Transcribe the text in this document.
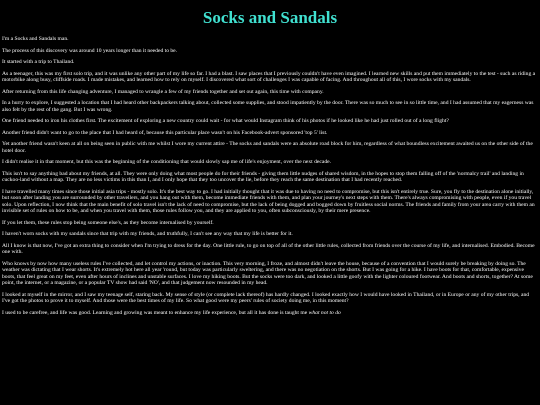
Socks and Sandals

I'm a Socks and Sandals man.

The process of this discovery was around 10 years longer than it needed to be.

It started with a trip to Thailand.

As a teenager, this was my first solo trip, and it was unlike any other part of my life so far. I had a blast. I saw places that I previously couldn't have even imagined. I learned new skills and put them immediately to the test - such as riding a motorbike along busy, cliffside roads. I made mistakes, and learned how to rely on myself. I discovered what sort of challenges I was capable of facing. And throughout all of this, I wore socks with my sandals.

After returning from this life changing adventure, I managed to wrangle a few of my friends together and set out again, this time with company.

In a hurry to explore, I suggested a location that I had heard other backpackers talking about, collected some supplies, and stood impatiently by the door. There was so much to see in so little time, and I had assumed that my eagerness was also felt by the rest of the gang. But I was wrong.

One friend needed to iron his clothes first. The excitement of exploring a new country could wait - for what would Instagram think of his photos if he looked like he had just rolled out of a long flight?

Another friend didn't want to go to the place that I had heard of, because this particular place wasn't on his Facebook-advert sponsored 'top 5' list.

Yet another friend wasn't keen at all on being seen in public with me whilst I wore my current attire - The socks and sandals were an absolute road block for him, regardless of what boundless excitement awaited us on the other side of the hotel door.

I didn't realise it in that moment, but this was the beginning of the conditioning that would slowly sap me of life's enjoyment, over the next decade.

This isn't to say anything bad about my friends, at all. They were only doing what most people do for their friends - giving them little nudges of shared wisdom, in the hopes to stop them falling off of the 'normalcy trail' and landing in cuckoo-land without a map. They are no less victims in this than I, and I only hope that they too uncover the lie, before they reach the same destination that I had recently reached.

I have travelled many times since those initial asia trips - mostly solo. It's the best way to go. I had initially thought that it was due to having no need to compromise, but this isn't entirely true. Sure, you fly to the destination alone initially, but soon after landing you are surrounded by other travellers, and you hang out with them, become immediate friends with them, and plan your journey's next steps with them. There's always compromising with people, even if you travel solo. Upon reflection, I now think that the main benefit of solo travel isn't the lack of need to compromise, but the lack of being dogged and bogged down by fruitless social norms. The friends and family from your area carry with them an invisible set of rules on how to be, and when you travel with them, those rules follow you, and they are applied to you, often subconsciously, by their mere presence.

If you let them, these rules stop being someone else's, as they become internalised by yourself.

I haven't worn socks with my sandals since that trip with my friends, and truthfully, I can't see any way that my life is better for it.

All I know is that now, I've got an extra thing to consider when I'm trying to dress for the day. One little rule, to go on top of all of the other little rules, collected from friends over the course of my life, and internalised. Embodied. Become one with.

Who knows by now how many useless rules I've collected, and let control my actions, or inaction. This very morning, I froze, and almost didn't leave the house, because of a convention that I would surely be breaking by doing so. The weather was dictating that I wear shorts. It's extremely hot here all year 'round, but today was particularly sweltering, and there was no negotiation on the shorts. But I was going for a hike. I have boots for that, comfortable, expensive boots, that feel great on my feet, even after hours of inclines and unstable surfaces. I love my hiking boots. But the socks were too dark, and looked a little goofy with the lighter coloured footwear. And boots and shorts, together? At some point, the internet, or a magazine, or a popular TV show had said 'NO', and that judgement now resounded in my head.

I looked at myself in the mirror, and I saw my teenage self, staring back. My sense of style (or complete lack thereof) has hardly changed. I looked exactly how I would have looked in Thailand, or in Europe or any of my other trips, and I've got the photos to prove it to myself. And those were the best times of my life. So what good were my peers' rules of society doing me, in this moment?

I used to be carefree, and life was good. Learning and growing was meant to enhance my life experience, but all it has done is taught me what not to do
